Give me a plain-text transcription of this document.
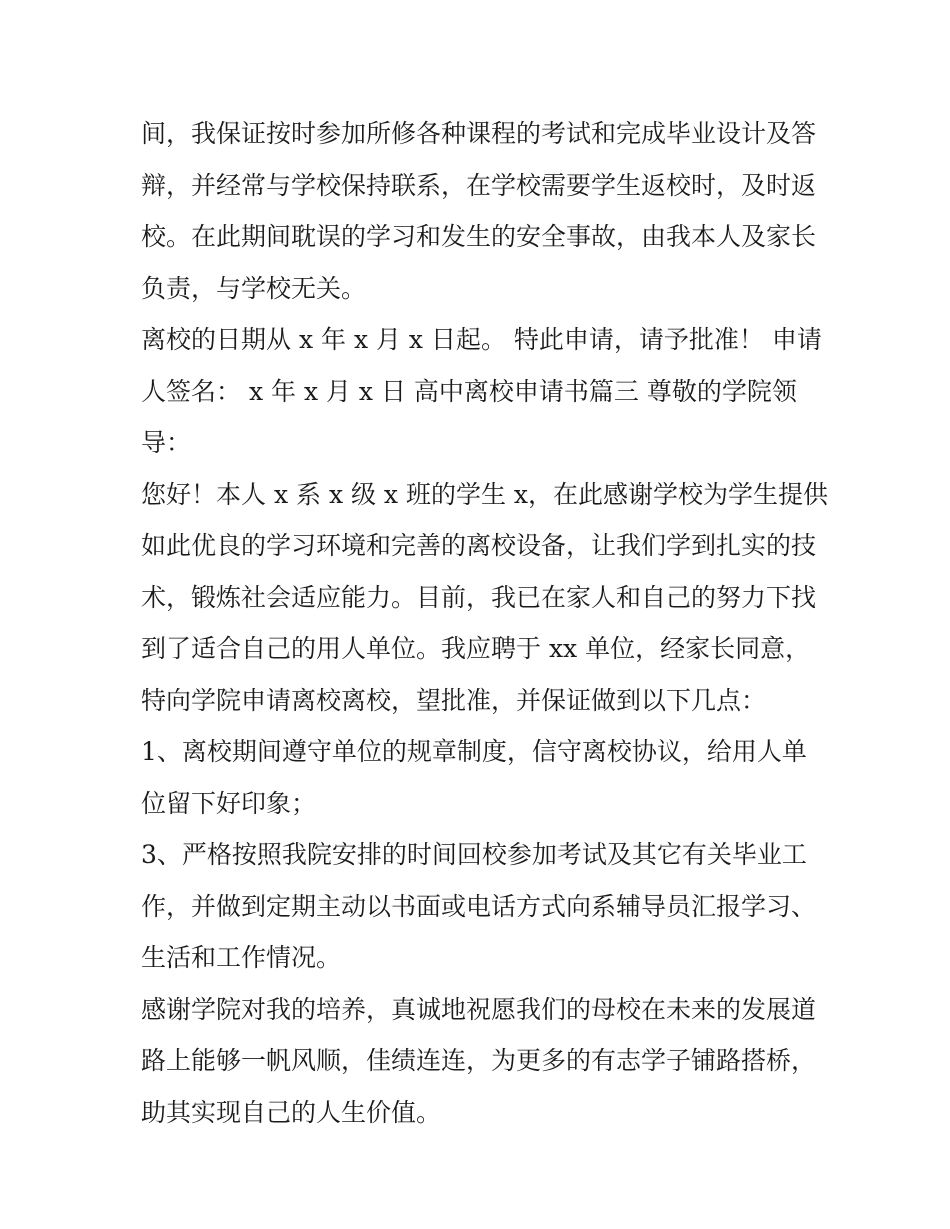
间，我保证按时参加所修各种课程的考试和完成毕业设计及答
辩，并经常与学校保持联系，在学校需要学生返校时，及时返
校。在此期间耽误的学习和发生的安全事故，由我本人及家长
负责，与学校无关。
离校的日期从 x 年 x 月 x 日起。 特此申请，请予批准！ 申请
人签名： x 年 x 月 x 日 高中离校申请书篇三 尊敬的学院领
导：
您好！本人 x 系 x 级 x 班的学生 x，在此感谢学校为学生提供
如此优良的学习环境和完善的离校设备，让我们学到扎实的技
术，锻炼社会适应能力。目前，我已在家人和自己的努力下找
到了适合自己的用人单位。我应聘于 xx 单位，经家长同意，
特向学院申请离校离校，望批准，并保证做到以下几点：
1、离校期间遵守单位的规章制度，信守离校协议，给用人单
位留下好印象；
3、严格按照我院安排的时间回校参加考试及其它有关毕业工
作，并做到定期主动以书面或电话方式向系辅导员汇报学习、
生活和工作情况。
感谢学院对我的培养，真诚地祝愿我们的母校在未来的发展道
路上能够一帆风顺，佳绩连连，为更多的有志学子铺路搭桥，
助其实现自己的人生价值。
